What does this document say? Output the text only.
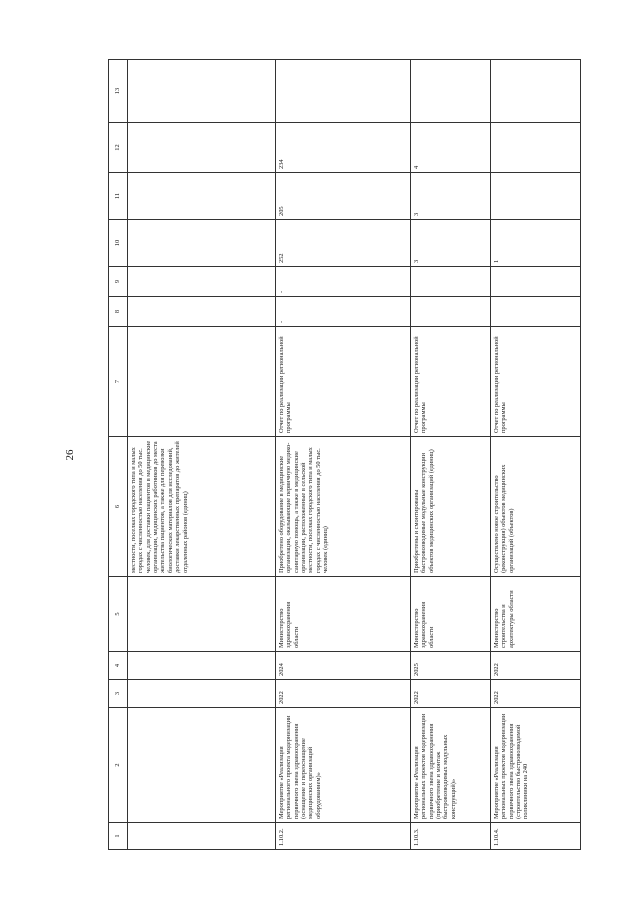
26
1	2	3	4	5	6	7	8	9	10	11	12	13
					местности, поселках городского типа и малых городах с численностью населения до 50 тыс. человек, для доставки пациентов в медицинские организации, медицинских работников до места жительства пациентов, а также для перевозки биологических материалов для исследований, доставки лекарственных препаратов до жителей отдаленных районов (единиц)							
1.10.2.	Мероприятие «Реализация регионального проекта модернизации первичного звена здравоохранения (оснащение и переоснащение медицинских организаций оборудованием)»	2022	2024	Министерство здравоохранения области	Приобретено оборудование в медицинские организации, оказывающие первичную медико-санитарную помощь, а также в медицинские организации, расположенные в сельской местности, поселках городского типа и малых городах с численностью населения до 50 тыс. человек (единиц)	Отчет по реализации региональной программы	-	-	252	205	234	
1.10.3.	Мероприятие «Реализация региональных проектов модернизации первичного звена здравоохранения (приобретение и монтаж быстровозводимых модульных конструкций)»	2022	2025	Министерство здравоохранения области	Приобретены и смонтированы быстровозводимые модульные конструкции объектов медицинских организаций (единиц)	Отчет по реализации региональной программы			3	3	4	
1.10.4.	Мероприятие «Реализация региональных проектов модернизации первичного звена здравоохранения (строительство быстровозводимой поликлиники на 240	2022	2022	Министерство строительства и архитектуры области	Осуществлено новое строительство (реконструкция) объектов медицинских организаций (объектов)	Отчет по реализации региональной программы			1			
